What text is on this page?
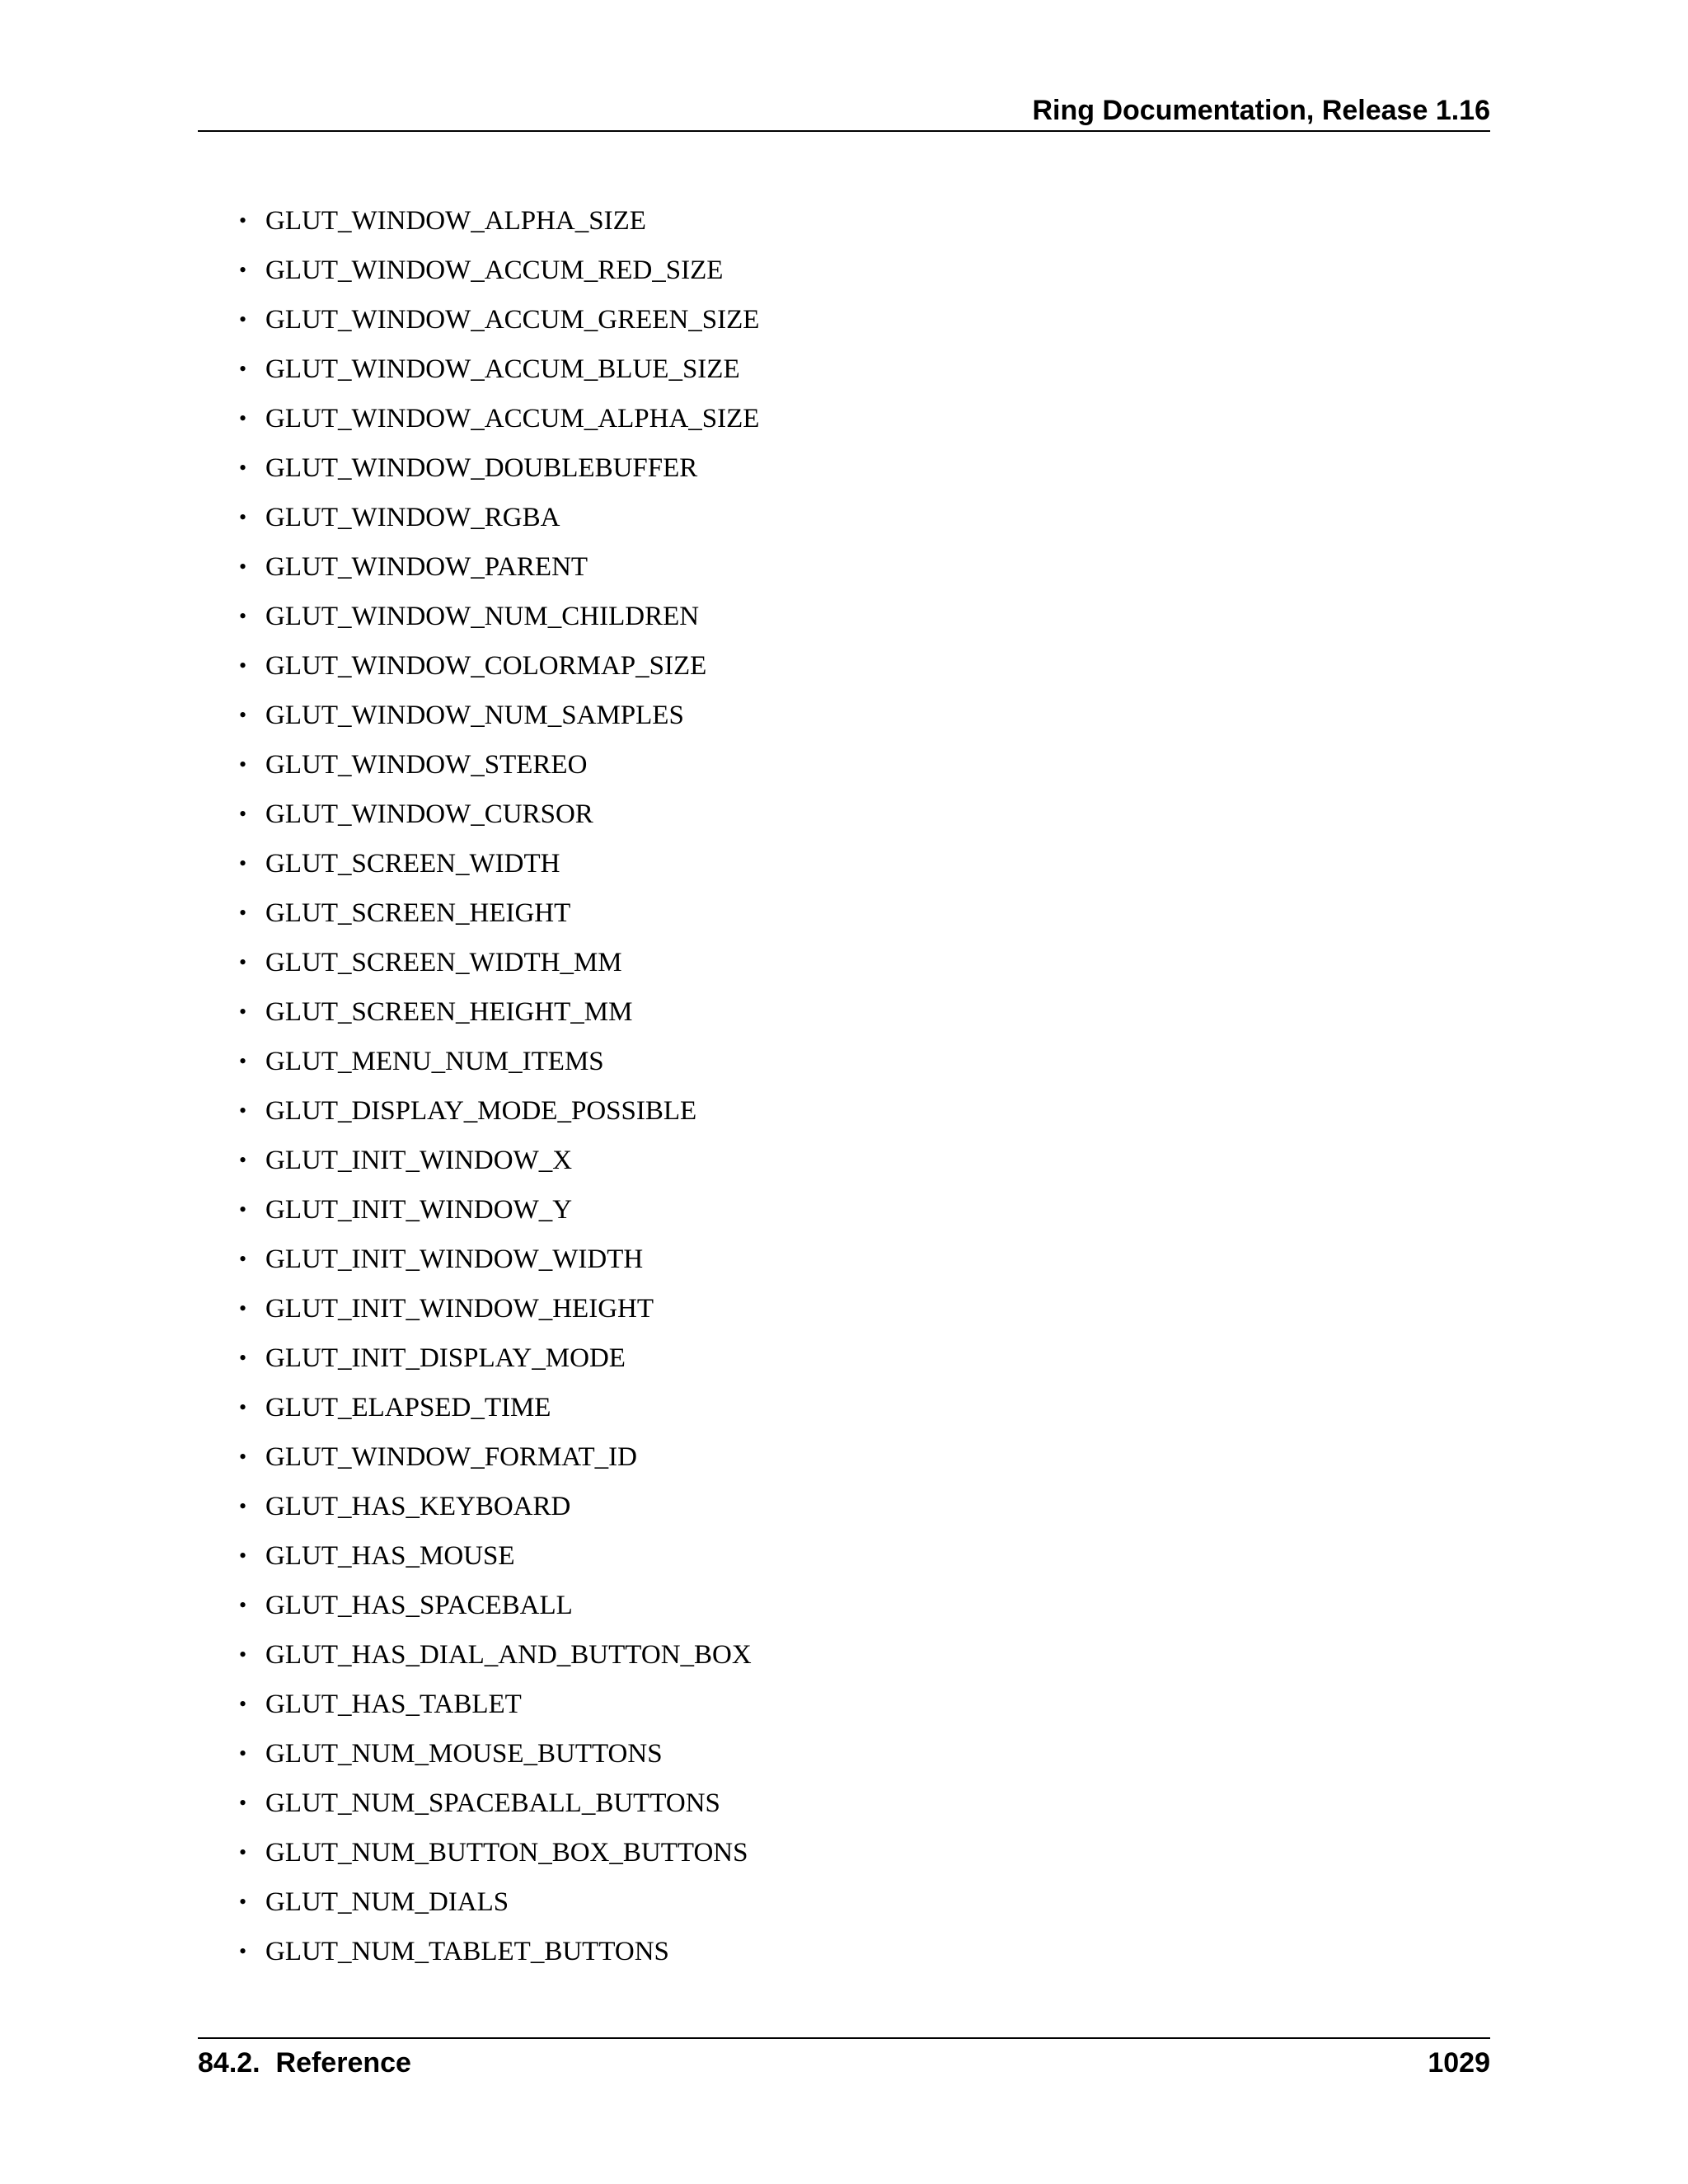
Ring Documentation, Release 1.16
• GLUT_WINDOW_ALPHA_SIZE
• GLUT_WINDOW_ACCUM_RED_SIZE
• GLUT_WINDOW_ACCUM_GREEN_SIZE
• GLUT_WINDOW_ACCUM_BLUE_SIZE
• GLUT_WINDOW_ACCUM_ALPHA_SIZE
• GLUT_WINDOW_DOUBLEBUFFER
• GLUT_WINDOW_RGBA
• GLUT_WINDOW_PARENT
• GLUT_WINDOW_NUM_CHILDREN
• GLUT_WINDOW_COLORMAP_SIZE
• GLUT_WINDOW_NUM_SAMPLES
• GLUT_WINDOW_STEREO
• GLUT_WINDOW_CURSOR
• GLUT_SCREEN_WIDTH
• GLUT_SCREEN_HEIGHT
• GLUT_SCREEN_WIDTH_MM
• GLUT_SCREEN_HEIGHT_MM
• GLUT_MENU_NUM_ITEMS
• GLUT_DISPLAY_MODE_POSSIBLE
• GLUT_INIT_WINDOW_X
• GLUT_INIT_WINDOW_Y
• GLUT_INIT_WINDOW_WIDTH
• GLUT_INIT_WINDOW_HEIGHT
• GLUT_INIT_DISPLAY_MODE
• GLUT_ELAPSED_TIME
• GLUT_WINDOW_FORMAT_ID
• GLUT_HAS_KEYBOARD
• GLUT_HAS_MOUSE
• GLUT_HAS_SPACEBALL
• GLUT_HAS_DIAL_AND_BUTTON_BOX
• GLUT_HAS_TABLET
• GLUT_NUM_MOUSE_BUTTONS
• GLUT_NUM_SPACEBALL_BUTTONS
• GLUT_NUM_BUTTON_BOX_BUTTONS
• GLUT_NUM_DIALS
• GLUT_NUM_TABLET_BUTTONS
84.2.  Reference	1029
